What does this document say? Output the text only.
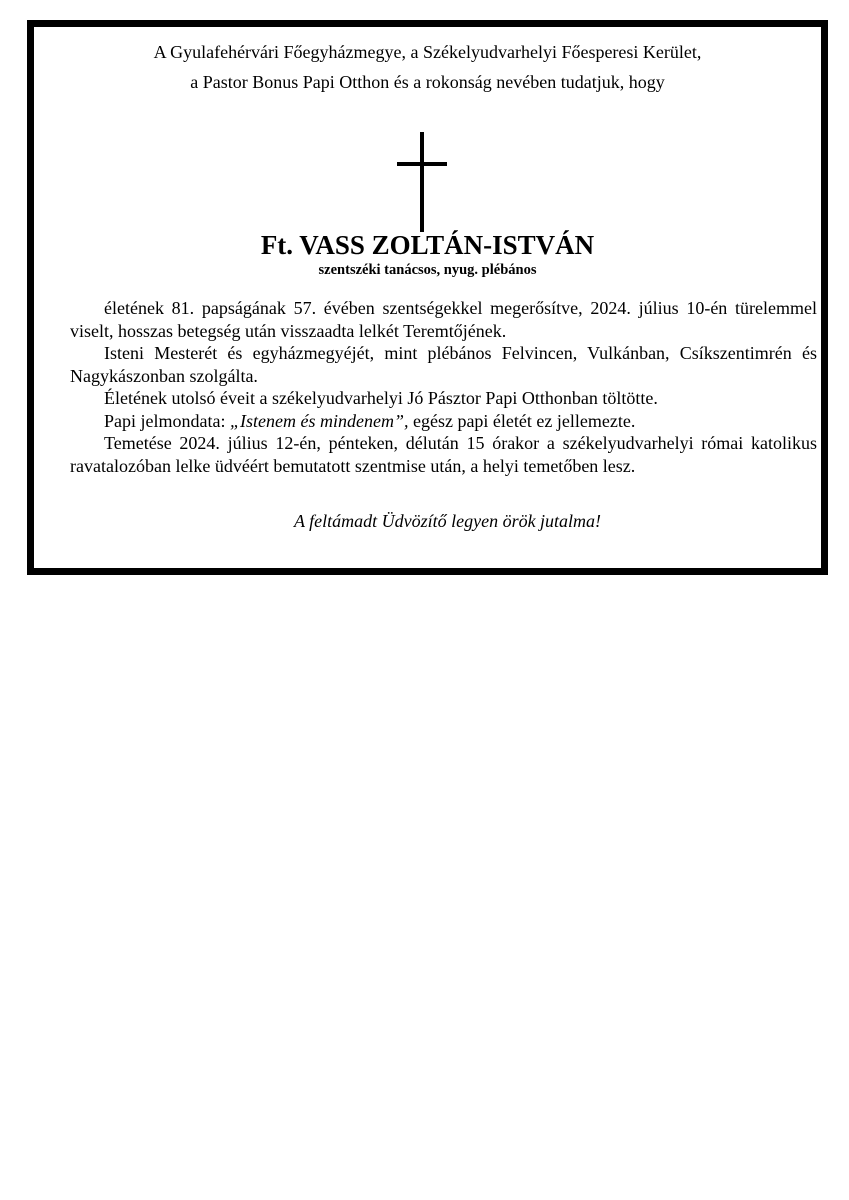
A Gyulafehérvári Főegyházmegye, a Székelyudvarhelyi Főesperesi Kerület,
a Pastor Bonus Papi Otthon és a rokonság nevében tudatjuk, hogy
Ft. VASS ZOLTÁN-ISTVÁN
szentszéki tanácsos, nyug. plébános

életének 81. papságának 57. évében szentségekkel megerősítve, 2024. július 10-én türelemmel viselt, hosszas betegség után visszaadta lelkét Teremtőjének.

Isteni Mesterét és egyházmegyéjét, mint plébános Felvincen, Vulkánban, Csíkszentimrén és Nagykászonban szolgálta.

Életének utolsó éveit a székelyudvarhelyi Jó Pásztor Papi Otthonban töltötte.

Papi jelmondata: „Istenem és mindenem”, egész papi életét ez jellemezte.

Temetése 2024. július 12-én, pénteken, délután 15 órakor a székelyudvarhelyi római katolikus ravatalozóban lelke üdvéért bemutatott szentmise után, a helyi temetőben lesz.

A feltámadt Üdvözítő legyen örök jutalma!
